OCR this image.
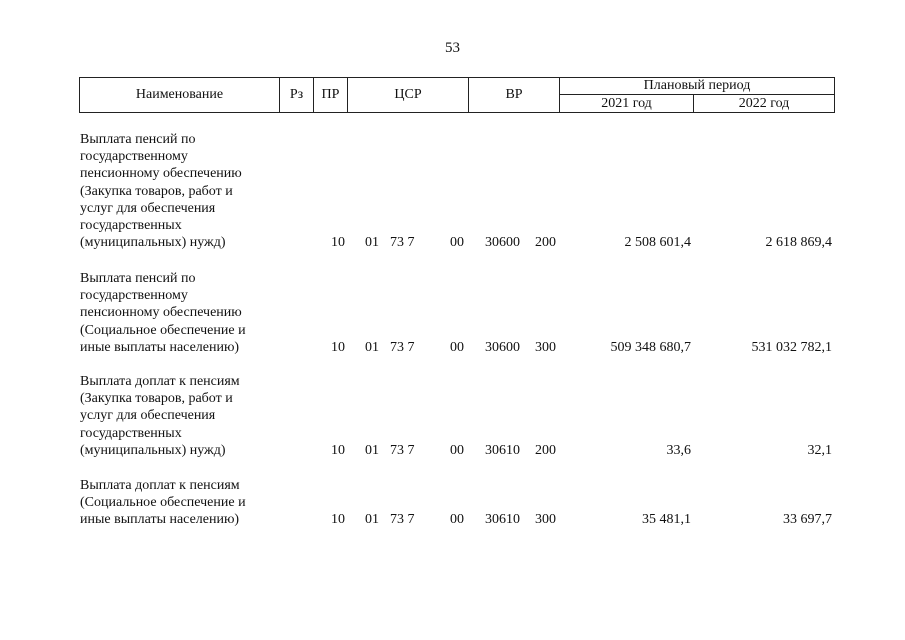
53
Наименование	Рз	ПР	ЦСР	ВР	Плановый период	
					2021 год	2022 год
Выплата пенсий по
государственному
пенсионному обеспечению
(Закупка товаров, работ и
услуг для обеспечения
государственных
(муниципальных) нужд)	10 01 73 7	00 30600 200	2 508 601,4	2 618 869,4
Выплата пенсий по
государственному
пенсионному обеспечению
(Социальное обеспечение и
иные выплаты населению)	10 01 73 7	00 30600 300	509 348 680,7	531 032 782,1
Выплата доплат к пенсиям
(Закупка товаров, работ и
услуг для обеспечения
государственных
(муниципальных) нужд)	10 01 73 7	00 30610 200	33,6	32,1
Выплата доплат к пенсиям
(Социальное обеспечение и
иные выплаты населению)	10 01 73 7	00 30610 300	35 481,1	33 697,7
